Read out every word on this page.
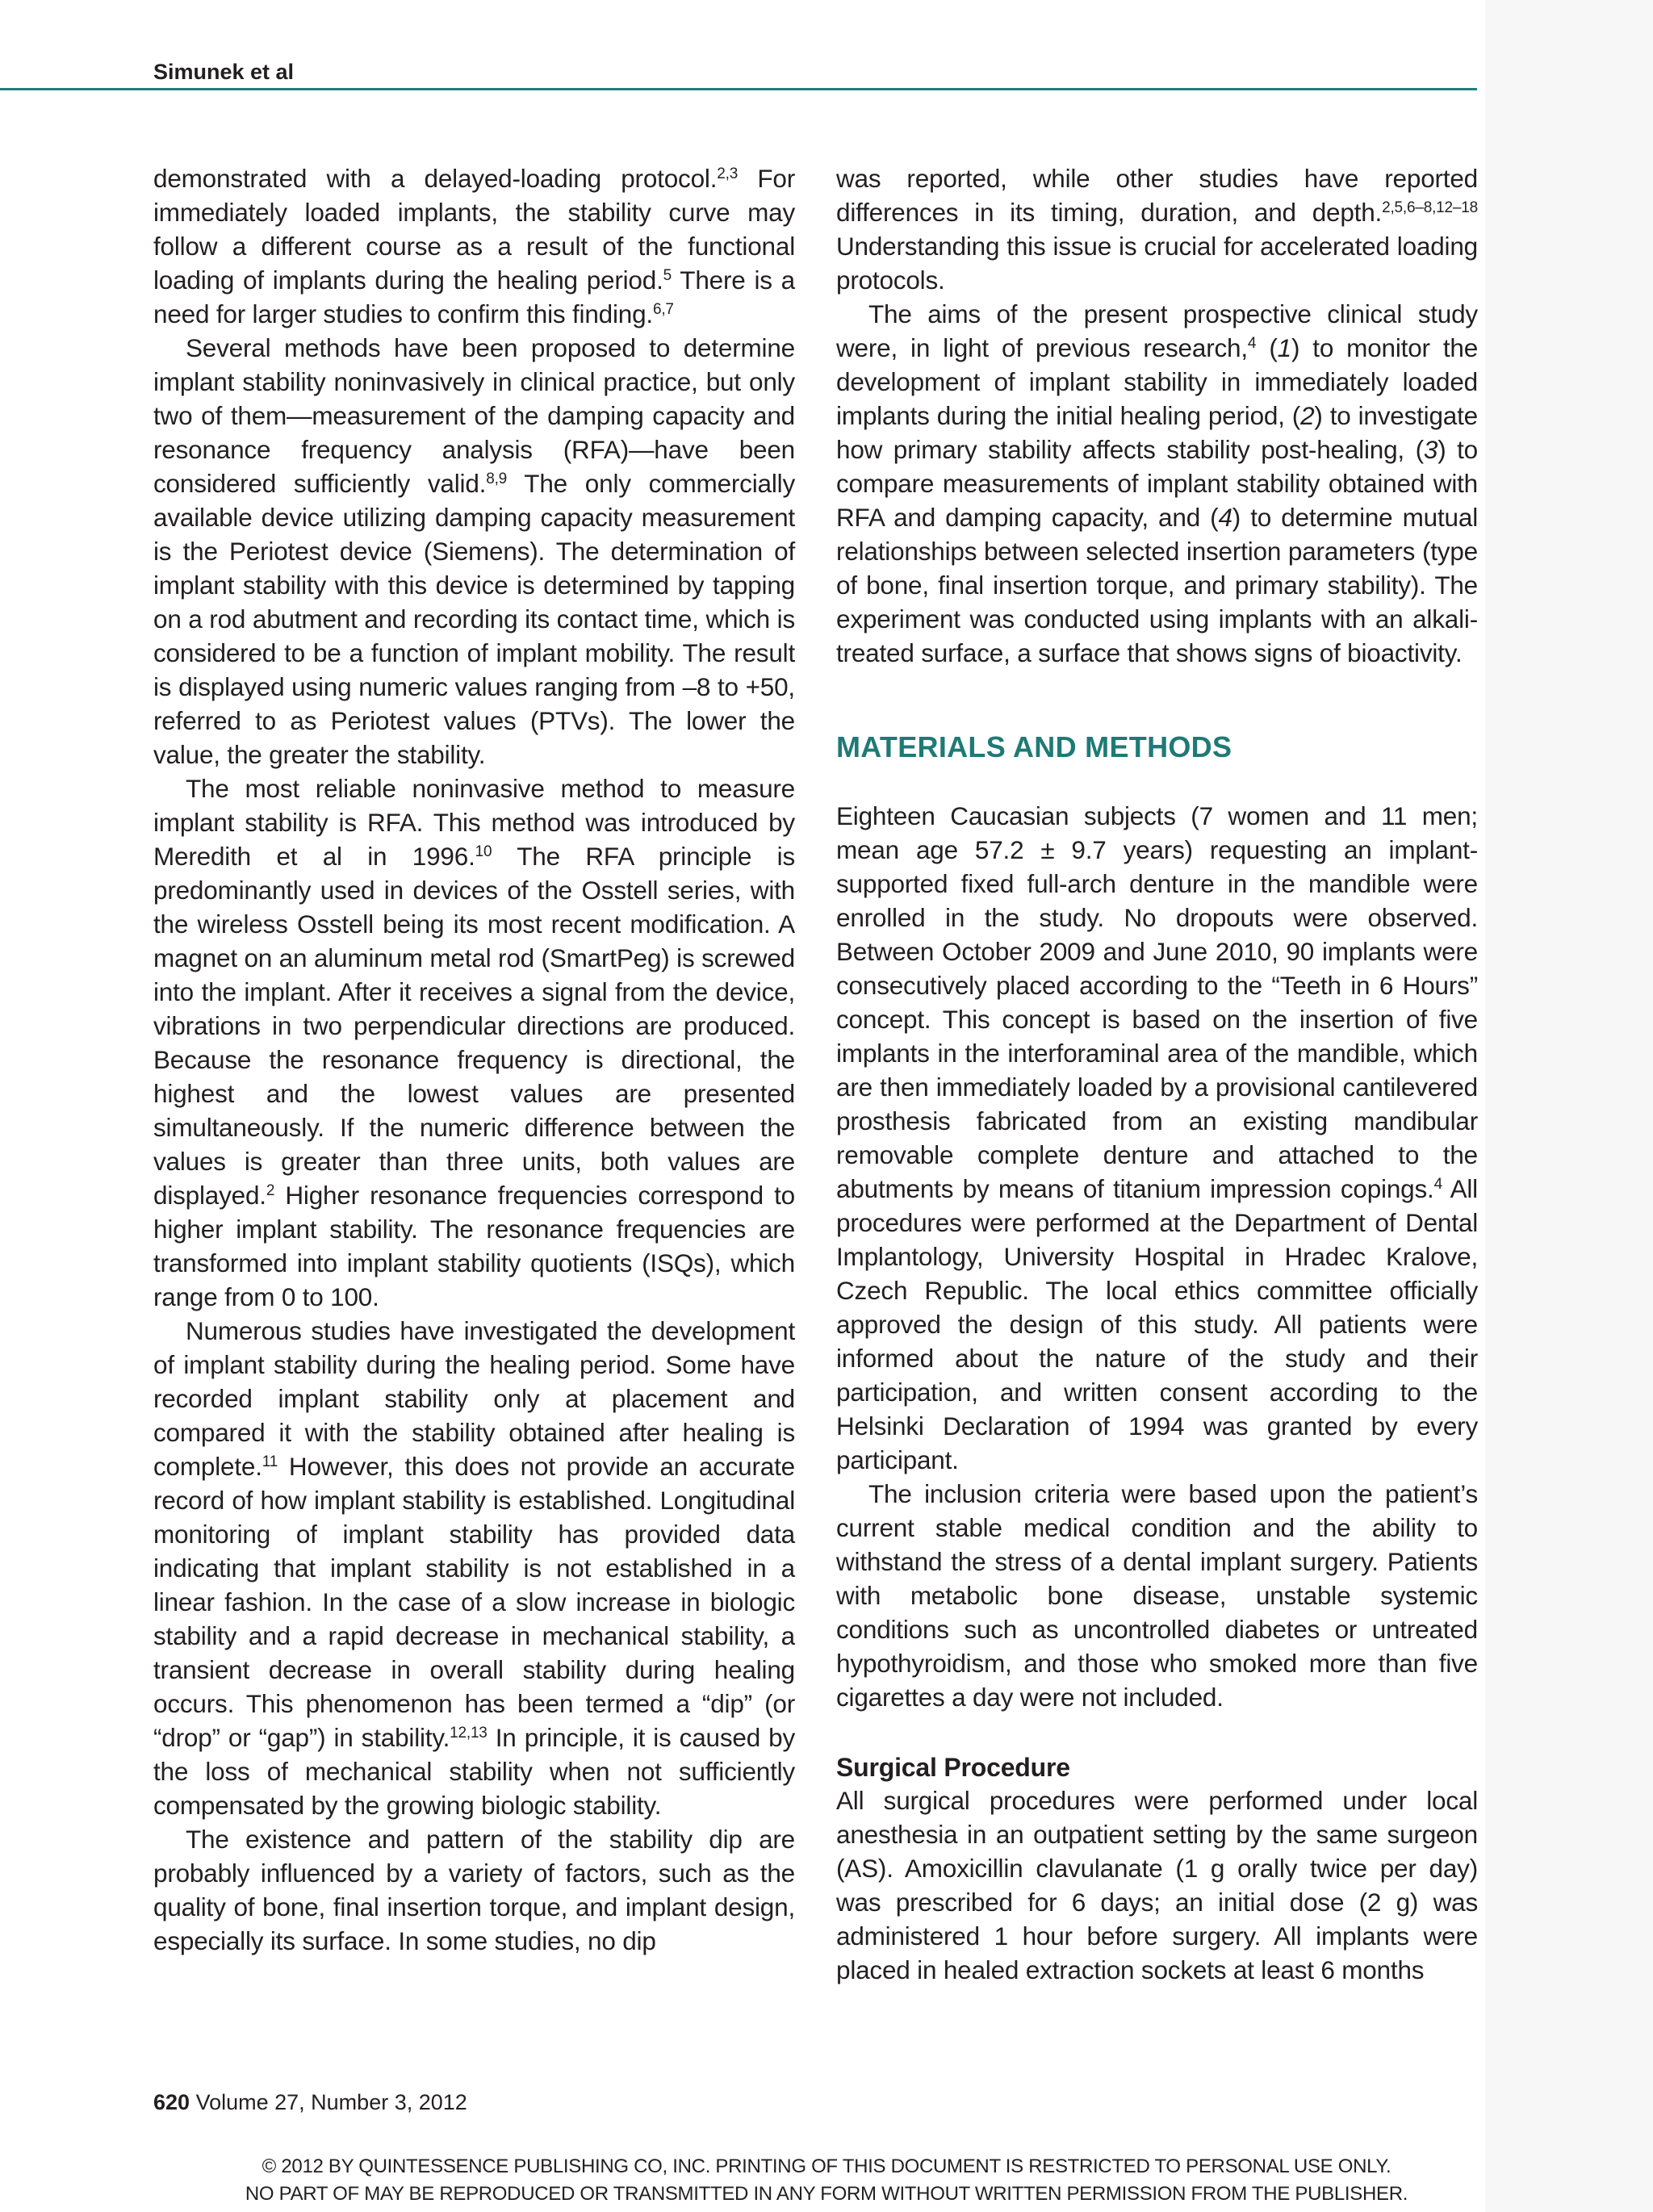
Simunek et al

demonstrated with a delayed-loading protocol.$^{2,3}$ For immediately loaded implants, the stability curve may follow a different course as a result of the functional loading of implants during the healing period.$^5$ There is a need for larger studies to confirm this finding.$^{6,7}$

Several methods have been proposed to determine implant stability noninvasively in clinical practice, but only two of them—measurement of the damping capacity and resonance frequency analysis (RFA)—have been considered sufficiently valid.$^{8,9}$ The only commercially available device utilizing damping capacity measurement is the Periotest device (Siemens). The determination of implant stability with this device is determined by tapping on a rod abutment and recording its contact time, which is considered to be a function of implant mobility. The result is displayed using numeric values ranging from –8 to +50, referred to as Periotest values (PTVs). The lower the value, the greater the stability.

The most reliable noninvasive method to measure implant stability is RFA. This method was introduced by Meredith et al in 1996.10 The RFA principle is predominantly used in devices of the Osstell series, with the wireless Osstell being its most recent modification. A magnet on an aluminum metal rod (SmartPeg) is screwed into the implant. After it receives a signal from the device, vibrations in two perpendicular directions are produced. Because the resonance frequency is directional, the highest and the lowest values are presented simultaneously. If the numeric difference between the values is greater than three units, both values are displayed.$^2$ Higher resonance frequencies correspond to higher implant stability. The resonance frequencies are transformed into implant stability quotients (ISQs), which range from 0 to 100.

Numerous studies have investigated the development of implant stability during the healing period. Some have recorded implant stability only at placement and compared it with the stability obtained after healing is complete.$^{11}$ However, this does not provide an accurate record of how implant stability is established. Longitudinal monitoring of implant stability has provided data indicating that implant stability is not established in a linear fashion. In the case of a slow increase in biologic stability and a rapid decrease in mechanical stability, a transient decrease in overall stability during healing occurs. This phenomenon has been termed a “dip” (or “drop” or “gap”) in stability.$^{12,13}$ In principle, it is caused by the loss of mechanical stability when not sufficiently compensated by the growing biologic stability.

The existence and pattern of the stability dip are probably influenced by a variety of factors, such as the quality of bone, final insertion torque, and implant design, especially its surface. In some studies, no dip

was reported, while other studies have reported differences in its timing, duration, and depth.$^{2,5,6-8,12-18}$ Understanding this issue is crucial for accelerated loading protocols.

The aims of the present prospective clinical study were, in light of previous research,$^4$ (1) to monitor the development of implant stability in immediately loaded implants during the initial healing period, (2) to investigate how primary stability affects stability post-healing, (3) to compare measurements of implant stability obtained with RFA and damping capacity, and (4) to determine mutual relationships between selected insertion parameters (type of bone, final insertion torque, and primary stability). The experiment was conducted using implants with an alkali-treated surface, a surface that shows signs of bioactivity.

MATERIALS AND METHODS

Eighteen Caucasian subjects (7 women and 11 men; mean age 57.2 ± 9.7 years) requesting an implant-supported fixed full-arch denture in the mandible were enrolled in the study. No dropouts were observed. Between October 2009 and June 2010, 90 implants were consecutively placed according to the “Teeth in 6 Hours” concept. This concept is based on the insertion of five implants in the interforaminal area of the mandible, which are then immediately loaded by a provisional cantilevered prosthesis fabricated from an existing mandibular removable complete denture and attached to the abutments by means of titanium impression copings.$^4$ All procedures were performed at the Department of Dental Implantology, University Hospital in Hradec Kralove, Czech Republic. The local ethics committee officially approved the design of this study. All patients were informed about the nature of the study and their participation, and written consent according to the Helsinki Declaration of 1994 was granted by every participant.

The inclusion criteria were based upon the patient’s current stable medical condition and the ability to withstand the stress of a dental implant surgery. Patients with metabolic bone disease, unstable systemic conditions such as uncontrolled diabetes or untreated hypothyroidism, and those who smoked more than five cigarettes a day were not included.

Surgical Procedure

All surgical procedures were performed under local anesthesia in an outpatient setting by the same surgeon (AS). Amoxicillin clavulanate (1 g orally twice per day) was prescribed for 6 days; an initial dose (2 g) was administered 1 hour before surgery. All implants were placed in healed extraction sockets at least 6 months

620 Volume 27, Number 3, 2012
© 2012 BY QUINTESSENCE PUBLISHING CO, INC. PRINTING OF THIS DOCUMENT IS RESTRICTED TO PERSONAL USE ONLY.
NO PART OF MAY BE REPRODUCED OR TRANSMITTED IN ANY FORM WITHOUT WRITTEN PERMISSION FROM THE PUBLISHER.
